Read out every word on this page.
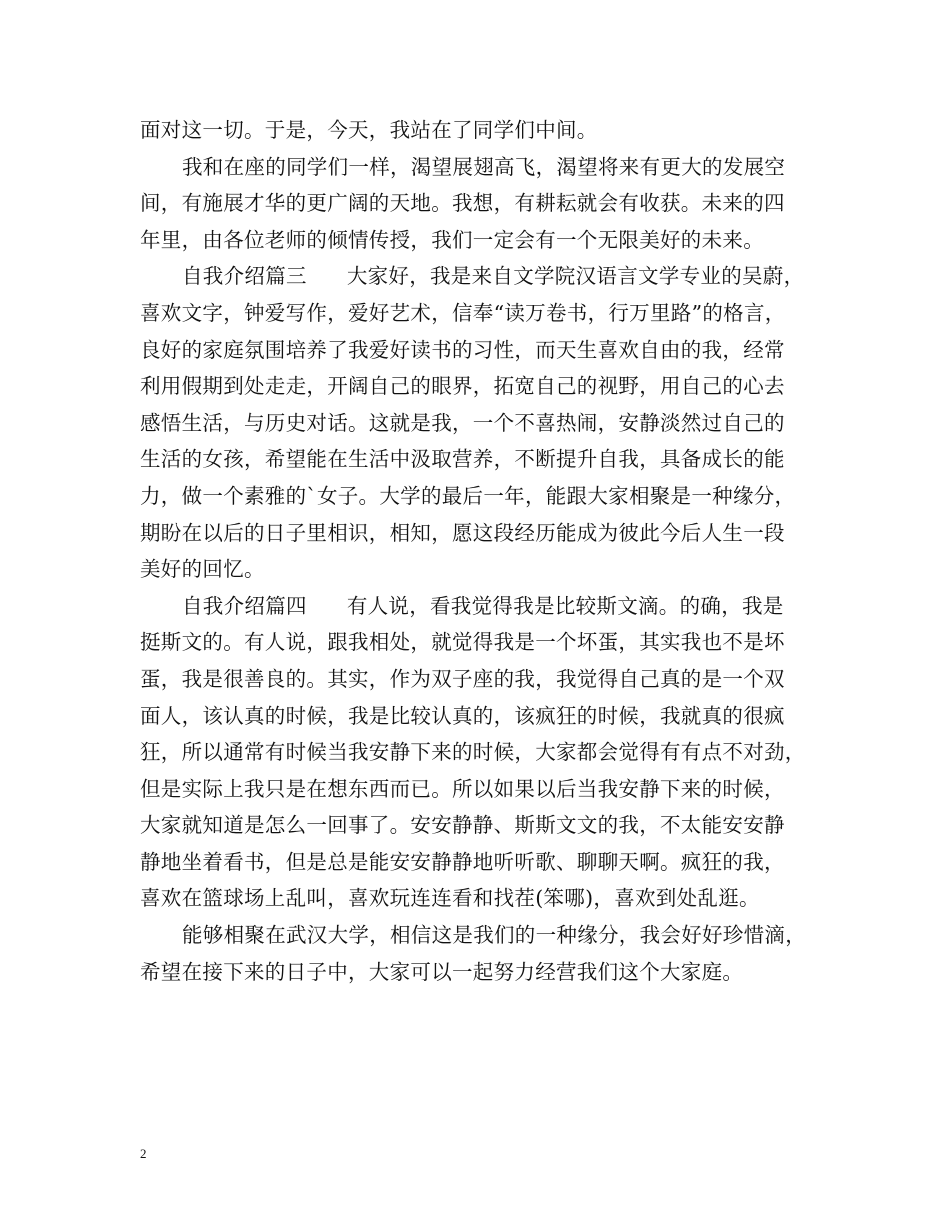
面对这一切。于是，今天，我站在了同学们中间。
我和在座的同学们一样，渴望展翅高飞，渴望将来有更大的发展空
间，有施展才华的更广阔的天地。我想，有耕耘就会有收获。未来的四
年里，由各位老师的倾情传授，我们一定会有一个无限美好的未来。
自我介绍篇三 大家好，我是来自文学院汉语言文学专业的吴蔚，
喜欢文字，钟爱写作，爱好艺术，信奉“读万卷书，行万里路”的格言，
良好的家庭氛围培养了我爱好读书的习性，而天生喜欢自由的我，经常
利用假期到处走走，开阔自己的眼界，拓宽自己的视野，用自己的心去
感悟生活，与历史对话。这就是我，一个不喜热闹，安静淡然过自己的
生活的女孩，希望能在生活中汲取营养，不断提升自我，具备成长的能
力，做一个素雅的`女子。大学的最后一年，能跟大家相聚是一种缘分，
期盼在以后的日子里相识，相知，愿这段经历能成为彼此今后人生一段
美好的回忆。
自我介绍篇四 有人说，看我觉得我是比较斯文滴。的确，我是
挺斯文的。有人说，跟我相处，就觉得我是一个坏蛋，其实我也不是坏
蛋，我是很善良的。其实，作为双子座的我，我觉得自己真的是一个双
面人，该认真的时候，我是比较认真的，该疯狂的时候，我就真的很疯
狂，所以通常有时候当我安静下来的时候，大家都会觉得有有点不对劲，
但是实际上我只是在想东西而已。所以如果以后当我安静下来的时候，
大家就知道是怎么一回事了。安安静静、斯斯文文的我，不太能安安静
静地坐着看书，但是总是能安安静静地听听歌、聊聊天啊。疯狂的我，
喜欢在篮球场上乱叫，喜欢玩连连看和找茬(笨哪)，喜欢到处乱逛。
能够相聚在武汉大学，相信这是我们的一种缘分，我会好好珍惜滴，
希望在接下来的日子中，大家可以一起努力经营我们这个大家庭。
2
